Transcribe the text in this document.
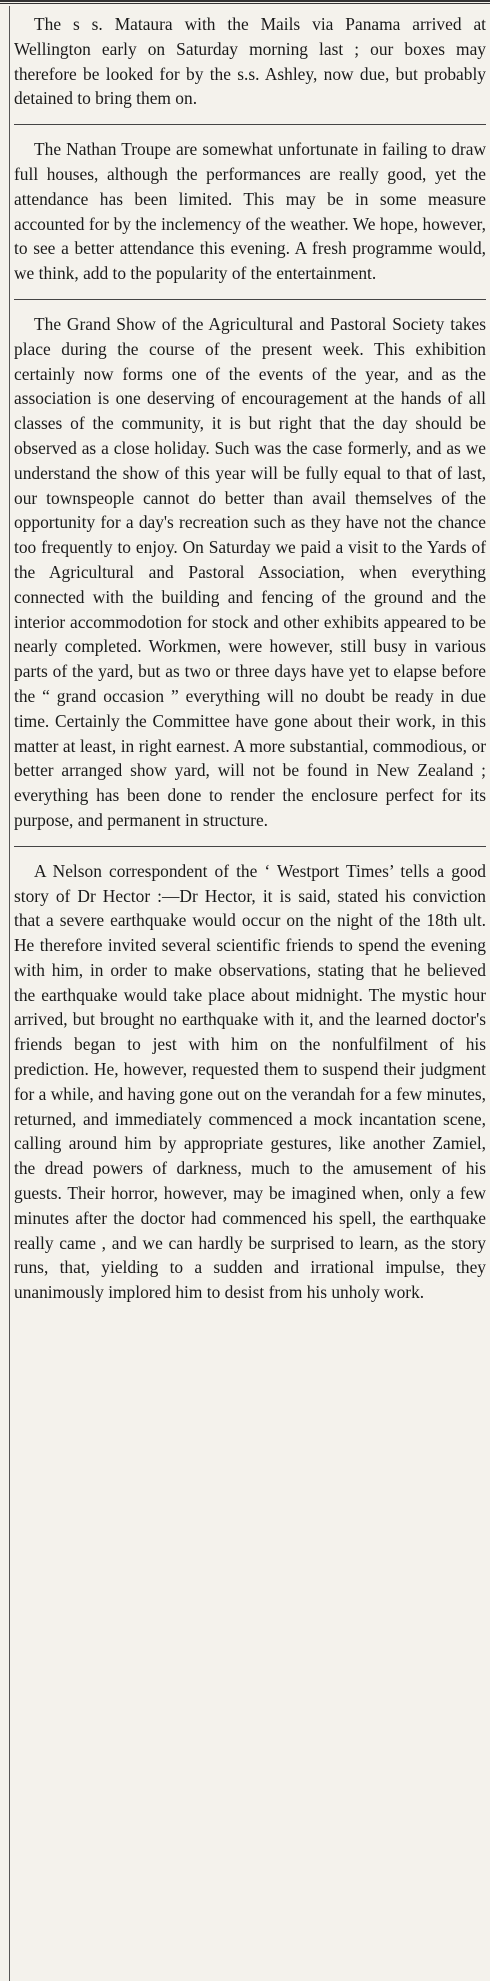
The s s. Mataura with the Mails via Panama arrived at Wellington early on Saturday morning last ; our boxes may therefore be looked for by the s.s. Ashley, now due, but probably detained to bring them on.

The Nathan Troupe are somewhat unfortunate in failing to draw full houses, although the performances are really good, yet the attendance has been limited. This may be in some measure accounted for by the inclemency of the weather. We hope, however, to see a better attendance this evening. A fresh programme would, we think, add to the popularity of the entertainment.

The Grand Show of the Agricultural and Pastoral Society takes place during the course of the present week. This exhibition certainly now forms one of the events of the year, and as the association is one deserving of encouragement at the hands of all classes of the community, it is but right that the day should be observed as a close holiday. Such was the case formerly, and as we understand the show of this year will be fully equal to that of last, our townspeople cannot do better than avail themselves of the opportunity for a day's recreation such as they have not the chance too frequently to enjoy. On Saturday we paid a visit to the Yards of the Agricultural and Pastoral Association, when everything connected with the building and fencing of the ground and the interior accommodotion for stock and other exhibits appeared to be nearly completed. Workmen, were however, still busy in various parts of the yard, but as two or three days have yet to elapse before the “ grand occasion ” everything will no doubt be ready in due time. Certainly the Committee have gone about their work, in this matter at least, in right earnest. A more substantial, commodious, or better arranged show yard, will not be found in New Zealand ; everything has been done to render the enclosure perfect for its purpose, and permanent in structure.

A Nelson correspondent of the ‘ Westport Times’ tells a good story of Dr Hector :—Dr Hector, it is said, stated his conviction that a severe earthquake would occur on the night of the 18th ult. He therefore invited several scientific friends to spend the evening with him, in order to make observations, stating that he believed the earthquake would take place about midnight. The mystic hour arrived, but brought no earthquake with it, and the learned doctor's friends began to jest with him on the nonfulfilment of his prediction. He, however, requested them to suspend their judgment for a while, and having gone out on the verandah for a few minutes, returned, and immediately commenced a mock incantation scene, calling around him by appropriate gestures, like another Zamiel, the dread powers of darkness, much to the amusement of his guests. Their horror, however, may be imagined when, only a few minutes after the doctor had commenced his spell, the earthquake really came , and we can hardly be surprised to learn, as the story runs, that, yielding to a sudden and irrational impulse, they unanimously implored him to desist from his unholy work.
